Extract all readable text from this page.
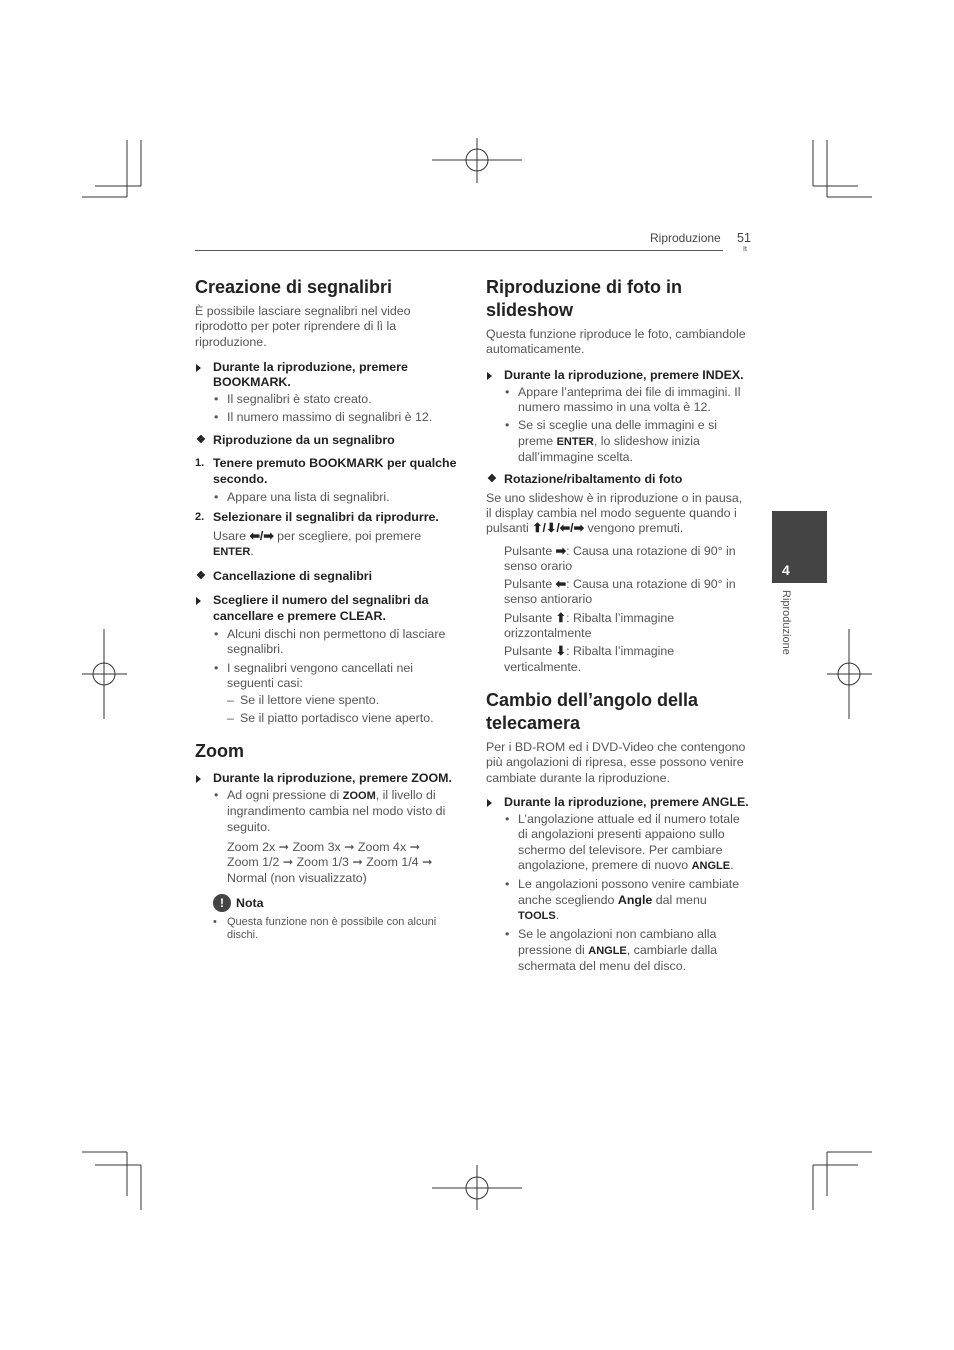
Riproduzione 51
It
4
Riproduzione
Creazione di segnalibri

È possibile lasciare segnalibri nel video riprodotto per poter riprendere di lì la riproduzione.

Durante la riproduzione, premere BOOKMARK.
• Il segnalibri è stato creato.
• Il numero massimo di segnalibri è 12.
❖ Riproduzione da un segnalibro
1. Tenere premuto BOOKMARK per qualche secondo.
• Appare una lista di segnalibri.
2. Selezionare il segnalibri da riprodurre.

Usare ⬅/➡ per scegliere, poi premere ENTER.

❖ Cancellazione di segnalibri
Scegliere il numero del segnalibri da cancellare e premere CLEAR.
• Alcuni dischi non permettono di lasciare segnalibri.
• I segnalibri vengono cancellati nei seguenti casi:
– Se il lettore viene spento.
– Se il piatto portadisco viene aperto.
Zoom
Durante la riproduzione, premere ZOOM.
• Ad ogni pressione di ZOOM, il livello di ingrandimento cambia nel modo visto di seguito.
Zoom 2x ➞ Zoom 3x ➞ Zoom 4x ➞
Zoom 1/2 ➞ Zoom 1/3 ➞ Zoom 1/4 ➞
Normal (non visualizzato)
! Nota
• Questa funzione non è possibile con alcuni dischi.
Riproduzione di foto in slideshow

Questa funzione riproduce le foto, cambiandole automaticamente.

Durante la riproduzione, premere INDEX.
• Appare l’anteprima dei file di immagini. Il numero massimo in una volta è 12.
• Se si sceglie una delle immagini e si preme ENTER, lo slideshow inizia dall’immagine scelta.
❖ Rotazione/ribaltamento di foto

Se uno slideshow è in riproduzione o in pausa, il display cambia nel modo seguente quando i pulsanti ⬆/⬇/⬅/➡ vengono premuti.

Pulsante ➡: Causa una rotazione di 90° in senso orario

Pulsante ⬅: Causa una rotazione di 90° in senso antiorario

Pulsante ⬆: Ribalta l’immagine orizzontalmente

Pulsante ⬇: Ribalta l’immagine verticalmente.

Cambio dell’angolo della telecamera

Per i BD-ROM ed i DVD-Video che contengono più angolazioni di ripresa, esse possono venire cambiate durante la riproduzione.

Durante la riproduzione, premere ANGLE.
• L’angolazione attuale ed il numero totale di angolazioni presenti appaiono sullo schermo del televisore. Per cambiare angolazione, premere di nuovo ANGLE.
• Le angolazioni possono venire cambiate anche scegliendo Angle dal menu TOOLS.
• Se le angolazioni non cambiano alla pressione di ANGLE, cambiarle dalla schermata del menu del disco.
